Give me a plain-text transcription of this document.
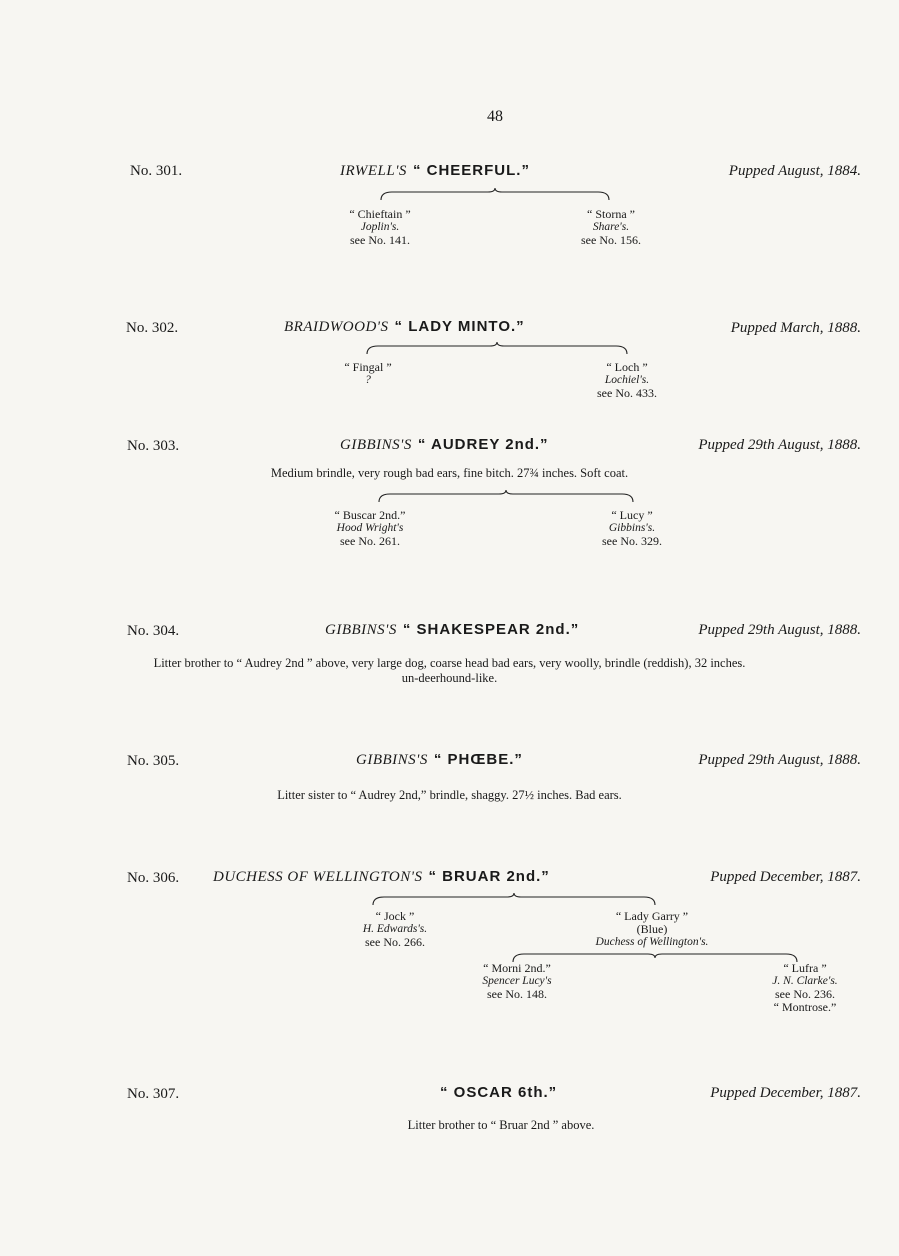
48
No. 301.	IRWELL'S “ CHEERFUL.”	Pupped August, 1884.
“ Chieftain ”
Joplin's.
see No. 141.
“ Storna ”
Share's.
see No. 156.
No. 302.	BRAIDWOOD'S “ LADY MINTO.”	Pupped March, 1888.
“ Fingal ”
?
“ Loch ”
Lochiel's.
see No. 433.
No. 303.	GIBBINS'S “ AUDREY 2nd.”	Pupped 29th August, 1888.
Medium brindle, very rough bad ears, fine bitch. 27¾ inches. Soft coat.
“ Buscar 2nd.”
Hood Wright's
see No. 261.
“ Lucy ”
Gibbins's.
see No. 329.
No. 304.	GIBBINS'S “ SHAKESPEAR 2nd.”	Pupped 29th August, 1888.
Litter brother to “ Audrey 2nd ” above, very large dog, coarse head bad ears, very woolly, brindle (reddish), 32 inches.
un-deerhound-like.
No. 305.	GIBBINS'S “ PHŒBE.”	Pupped 29th August, 1888.
Litter sister to “ Audrey 2nd,” brindle, shaggy. 27½ inches. Bad ears.
No. 306. DUCHESS OF WELLINGTON'S “ BRUAR 2nd.”	Pupped December, 1887.
“ Jock ”
H. Edwards's.
see No. 266.
“ Lady Garry ”
(Blue)
Duchess of Wellington's.
“ Morni 2nd.”
Spencer Lucy's
see No. 148.
“ Lufra ”
J. N. Clarke's.
see No. 236.
“ Montrose.”
No. 307.	“ OSCAR 6th.”	Pupped December, 1887.
Litter brother to “ Bruar 2nd ” above.
